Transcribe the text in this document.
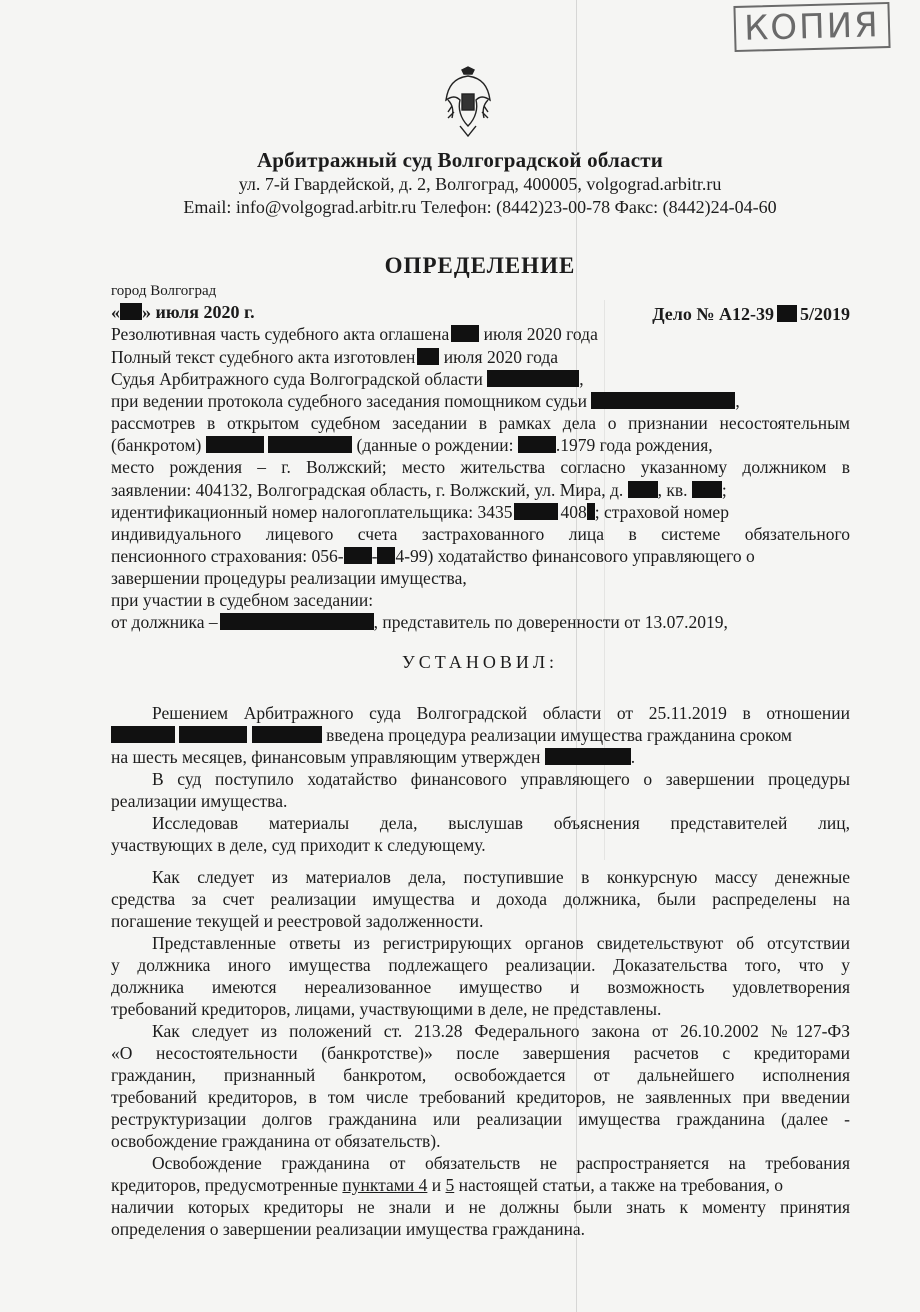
КОПИЯ
Арбитражный суд Волгоградской области
ул. 7-й Гвардейской, д. 2, Волгоград, 400005, volgograd.arbitr.ru
Email: info@volgograd.arbitr.ru Телефон: (8442)23-00-78 Факс: (8442)24-04-60
ОПРЕДЕЛЕНИЕ
город Волгоград
« » июля 2020 г.	Дело № А12-39 5/2019
Резолютивная часть судебного акта оглашена июля 2020 года
Полный текст судебного акта изготовлен июля 2020 года
Судья Арбитражного суда Волгоградской области	,
при ведении протокола судебного заседания помощником судьи	,
рассмотрев в открытом судебном заседании в рамках дела о признании несостоятельным
(банкротом)	(данные о рождении: .1979 года рождения,
место рождения – г. Волжский; место жительства согласно указанному должником в
заявлении: 404132, Волгоградская область, г. Волжский, ул. Мира, д. , кв. ;
идентификационный номер налогоплательщика: 3435	408 ; страховой номер
индивидуального лицевого счета застрахованного лица в системе обязательного
пенсионного страхования: 056- - 4-99) ходатайство финансового управляющего о
завершении процедуры реализации имущества,
при участии в судебном заседании:
от должника –	, представитель по доверенности от 13.07.2019,
УСТАНОВИЛ:
Решением Арбитражного суда Волгоградской области от 25.11.2019 в отношении
введена процедура реализации имущества гражданина сроком
на шесть месяцев, финансовым управляющим утвержден	.
В суд поступило ходатайство финансового управляющего о завершении процедуры
реализации имущества.
Исследовав материалы дела, выслушав объяснения представителей лиц,
участвующих в деле, суд приходит к следующему.
Как следует из материалов дела, поступившие в конкурсную массу денежные
средства за счет реализации имущества и дохода должника, были распределены на
погашение текущей и реестровой задолженности.
Представленные ответы из регистрирующих органов свидетельствуют об отсутствии
у должника иного имущества подлежащего реализации. Доказательства того, что у
должника имеются нереализованное имущество и возможность удовлетворения
требований кредиторов, лицами, участвующими в деле, не представлены.
Как следует из положений ст. 213.28 Федерального закона от 26.10.2002 №127-ФЗ
«О несостоятельности (банкротстве)» после завершения расчетов с кредиторами
гражданин, признанный банкротом, освобождается от дальнейшего исполнения
требований кредиторов, в том числе требований кредиторов, не заявленных при введении
реструктуризации долгов гражданина или реализации имущества гражданина (далее -
освобождение гражданина от обязательств).
Освобождение гражданина от обязательств не распространяется на требования
кредиторов, предусмотренные пунктами 4 и 5 настоящей статьи, а также на требования, о
наличии которых кредиторы не знали и не должны были знать к моменту принятия
определения о завершении реализации имущества гражданина.
